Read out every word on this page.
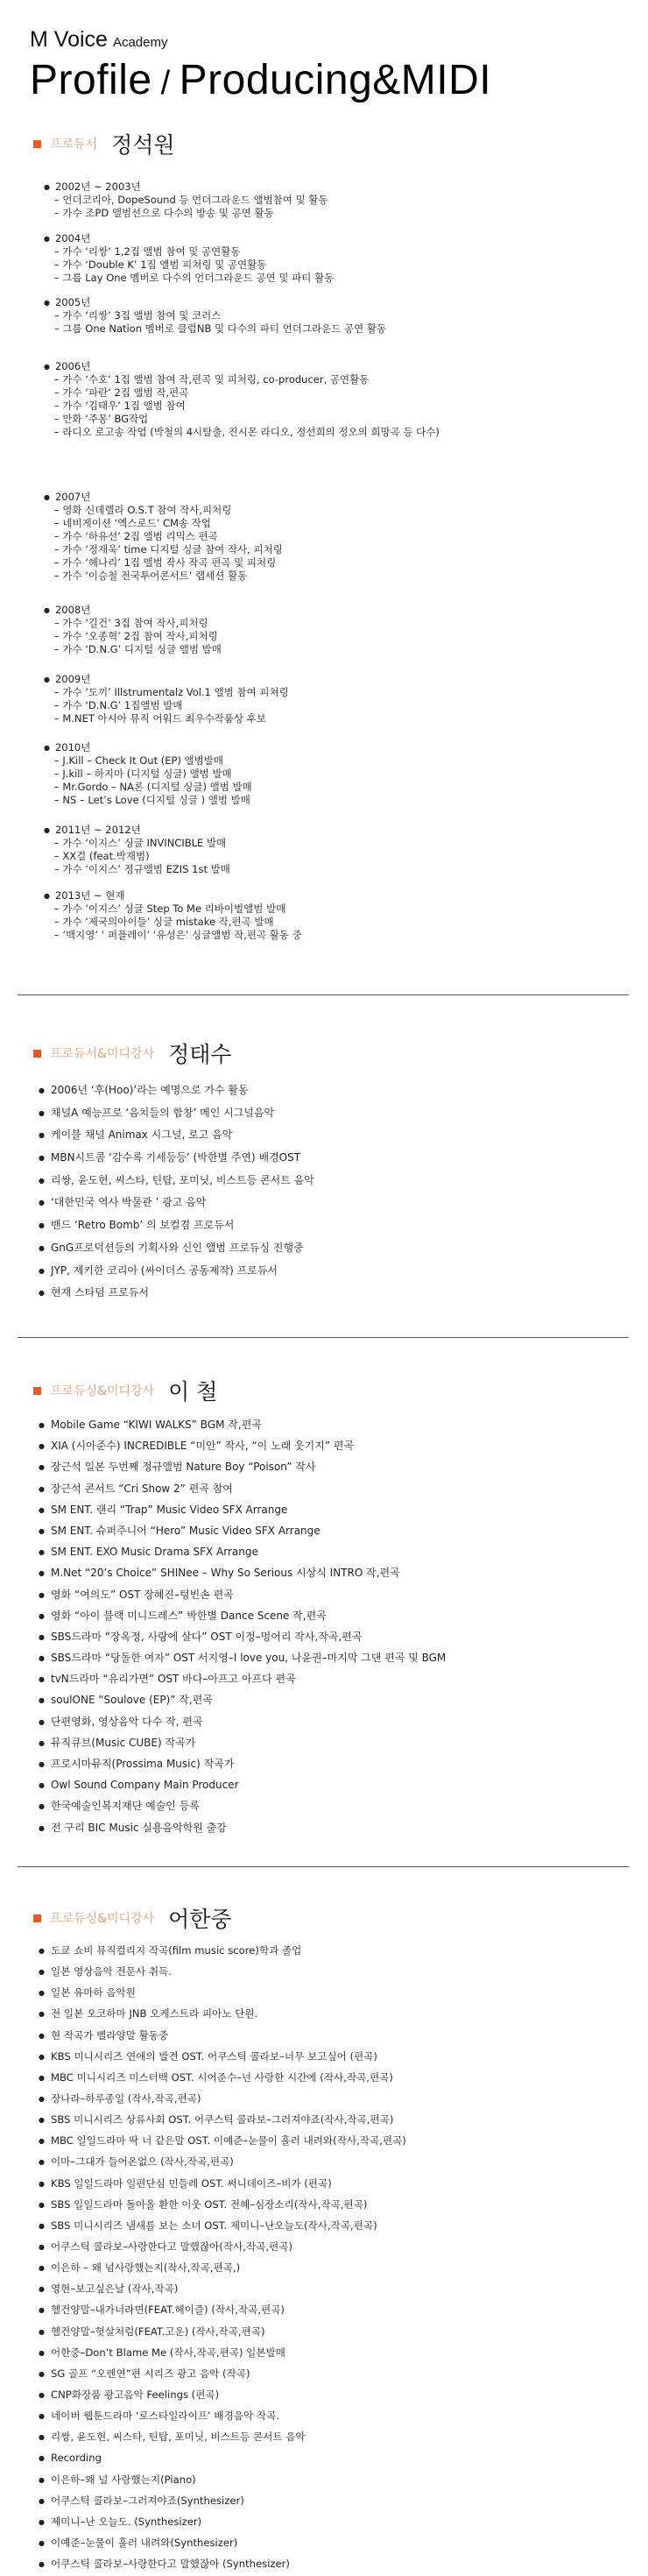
M Voice Academy
Profile / Producing&MIDI
프로듀서 정석원
● 2002년 ~ 2003년
– 언더코리아, DopeSound 등 언더그라운드 앨범참여 및 활동
– 가수 조PD 앨범선으로 다수의 방송 및 공연 활동
● 2004년
– 가수 ‘리쌍’ 1,2집 앨범 참여 및 공연활동
– 가수 ‘Double K’ 1집 앨범 피쳐링 및 공연활동
– 그룹 Lay One 멤버로 다수의 언더그라운드 공연 및 파티 활동
● 2005년
– 가수 ‘리쌍’ 3집 앨범 참여 및 코러스
– 그룹 One Nation 멤버로 클럽NB 및 다수의 파티 언더그라운드 공연 활동
● 2006년
– 가수 ‘수호’ 1집 앨범 참여 작,편곡 및 피처링, co-producer, 공연활동
– 가수 ‘파란’ 2집 앨범 작,편곡
– 가수 ‘김태우’ 1집 앨범 참여
– 만화 ‘주몽’ BG작업
– 라디오 로고송 작업 (박철의 4시탈출, 진시몬 라디오, 정선희의 정오의 희망곡 등 다수)
● 2007년
– 영화 신데렐라 O.S.T 참여 작사,피처링
– 네비게이션 ‘엑스로드’ CM송 작업
– 가수 ‘하유선’ 2집 앨범 리믹스 편곡
– 가수 ‘정재욱’ time 디지털 싱글 참여 작사, 피처링
– 가수 ‘헤나리’ 1집 앨범 작사 작곡 편곡 및 피처링
– 가수 ‘이승철 전국투어콘서트’ 랩세션 활동
● 2008년
– 가수 ‘길건’ 3집 참여 작사,피처링
– 가수 ‘오종혁’ 2집 참여 작사,피처링
– 가수 ‘D.N.G’ 디지털 싱글 앨범 발매
● 2009년
– 가수 ‘도끼’ Illstrumentalz Vol.1 앨범 참여 피쳐링
– 가수 ‘D.N.G’ 1집앨범 발매
– M.NET 아시아 뮤직 어워드 최우수작품상 후보
● 2010년
– J.Kill – Check It Out (EP) 앨범발매
– J.kill – 하지마 (디지털 싱글) 앨범 발매
– Mr.Gordo – NA론 (디지털 싱글) 앨범 발매
– NS – Let’s Love (디지털 싱글 ) 앨범 발매
● 2011년 ~ 2012년
– 가수 ‘이지스’ 싱글 INVINCIBLE 발매
– XX걸 (feat.박재범)
– 가수 ‘이지스’ 정규앨범 EZIS 1st 발매
● 2013년 ~ 현재
– 가수 ‘이지스’ 싱글 Step To Me 리바이벌앨범 발매
– 가수 ‘제국의아이들’ 싱글 mistake 작,편곡 발매
– ‘백지영’ ‘ 퍼플레이’ ‘유성은’ 싱글앨범 작,편곡 활동 중
프로듀서&미디강사 정태수
● 2006년 ‘후(Hoo)’라는 예명으로 가수 활동
● 채널A 예능프로 ‘음치들의 합창’ 메인 시그널음악
● 케이블 채널 Animax 시그널, 로고 음악
● MBN시트콤 ‘감수록 기세등등’ (박한별 주연) 배경OST
● 리쌍, 윤도현, 씨스타, 틴탑, 포미닛, 비스트등 콘서트 음악
● ‘대한민국 역사 박물관 ’ 광고 음악
● 밴드 ‘Retro Bomb’ 의 보컬겸 프로듀서
● GnG프로덕션등의 기획사와 신인 앨범 프로듀싱 진행중
● JYP, 제키한 코리아 (싸이더스 공동제작) 프로듀서
● 현재 스타덤 프로듀서
프로듀싱&미디강사 이 철
● Mobile Game “KIWI WALKS” BGM 작,편곡
● XIA (시아준수) INCREDIBLE “미안” 작사, “이 노래 웃기지” 편곡
● 장근석 일본 두번째 정규앨범 Nature Boy “Poison” 작사
● 장근석 콘서트 “Cri Show 2” 편곡 참여
● SM ENT. 랜리 “Trap” Music Video SFX Arrange
● SM ENT. 슈퍼주니어 “Hero” Music Video SFX Arrange
● SM ENT. EXO Music Drama SFX Arrange
● M.Net “20’s Choice” SHINee – Why So Serious 시상식 INTRO 작,편곡
● 영화 “여의도” OST 장혜진–텅빈손 편곡
● 영화 “아이 블랙 미니드레스” 박한별 Dance Scene 작,편곡
● SBS드라마 “장옥정, 사랑에 살다” OST 이정–멍어리 작사,작곡,편곡
● SBS드라마 “당돌한 여자” OST 서지영–I love you, 나윤권–마지막 그댄 편곡 및 BGM
● tvN드라마 “유리가면” OST 바다–아프고 아프다 편곡
● soulONE “Soulove (EP)” 작,편곡
● 단편영화, 영상음악 다수 작, 편곡
● 뮤직큐브(Music CUBE) 작곡가
● 프로시마뮤직(Prossima Music) 작곡가
● Owl Sound Company Main Producer
● 한국예술인복지재단 예술인 등록
● 전 구리 BIC Music 실용음악학원 출강
프로듀싱&미디강사 어한중
● 도쿄 쇼비 뮤직컬리지 작곡(film music score)학과 졸업
● 일본 영상음악 전문사 취득.
● 일본 유마하 음악원
● 전 일본 오코하마 JNB 오케스트라 피아노 단원.
● 현 작곡가 벨라양말 활동중
● KBS 미니시리즈 연애의 발견 OST. 어쿠스틱 콜라보–너무 보고싶어 (편곡)
● MBC 미니시리즈 미스터백 OST. 시어준수–넌 사랑한 시간에 (작사,작곡,편곡)
● 장나라–하루종일 (작사,작곡,편곡)
● SBS 미니시리즈 상류사회 OST. 어쿠스틱 콜라보–그러져야죠(작사,작곡,편곡)
● MBC 일일드라마 딱 너 같은말 OST. 이예준–눈물이 흘러 내려와(작사,작곡,편곡)
● 이마–그대가 들어온없으 (작사,작곡,편곡)
● KBS 일일드라마 일편단심 민들레 OST. 써니데이즈–비가 (편곡)
● SBS 일일드라마 돌아올 환한 이웃 OST. 전혜–심장소리(작사,작곡,편곡)
● SBS 미니시리즈 냄새를 보는 소녀 OST. 제미니–난오늘도(작사,작곡,편곡)
● 어쿠스틱 콜라보–사랑한다고 말했잖아(작사,작곡,편곡)
● 이은하 – 왜 넘사랑했는지(작사,작곡,편곡,)
● 영현–보고싶은날 (작사,작곡)
● 헬건양말–내가너라면(FEAT.헤이즐) (작사,작곡,편곡)
● 헬건양말–헛살처럼(FEAT.고운) (작사,작곡,편곡)
● 어한중–Don’t Blame Me (작사,작곡,편곡) 일본발매
● SG 골프 “오렌연”편 시리즈 광고 음악 (작곡)
● CNP화장품 광고음악 Feelings (편곡)
● 네이버 웹툰드라마 ‘로스타일라이프’ 배경음악 작곡.
● 리쌍, 윤도현, 씨스타, 틴탑, 포미닛, 비스트등 콘서트 음악
● Recording
● 이은하–왜 널 사랑했는지(Piano)
● 어쿠스틱 콜라보–그러져야죠(Synthesizer)
● 제미니–난 오늘도. (Synthesizer)
● 이예준–눈물이 흘러 내려와(Synthesizer)
● 어쿠스틱 콜라보–사랑한다고 말했잖아 (Synthesizer)
